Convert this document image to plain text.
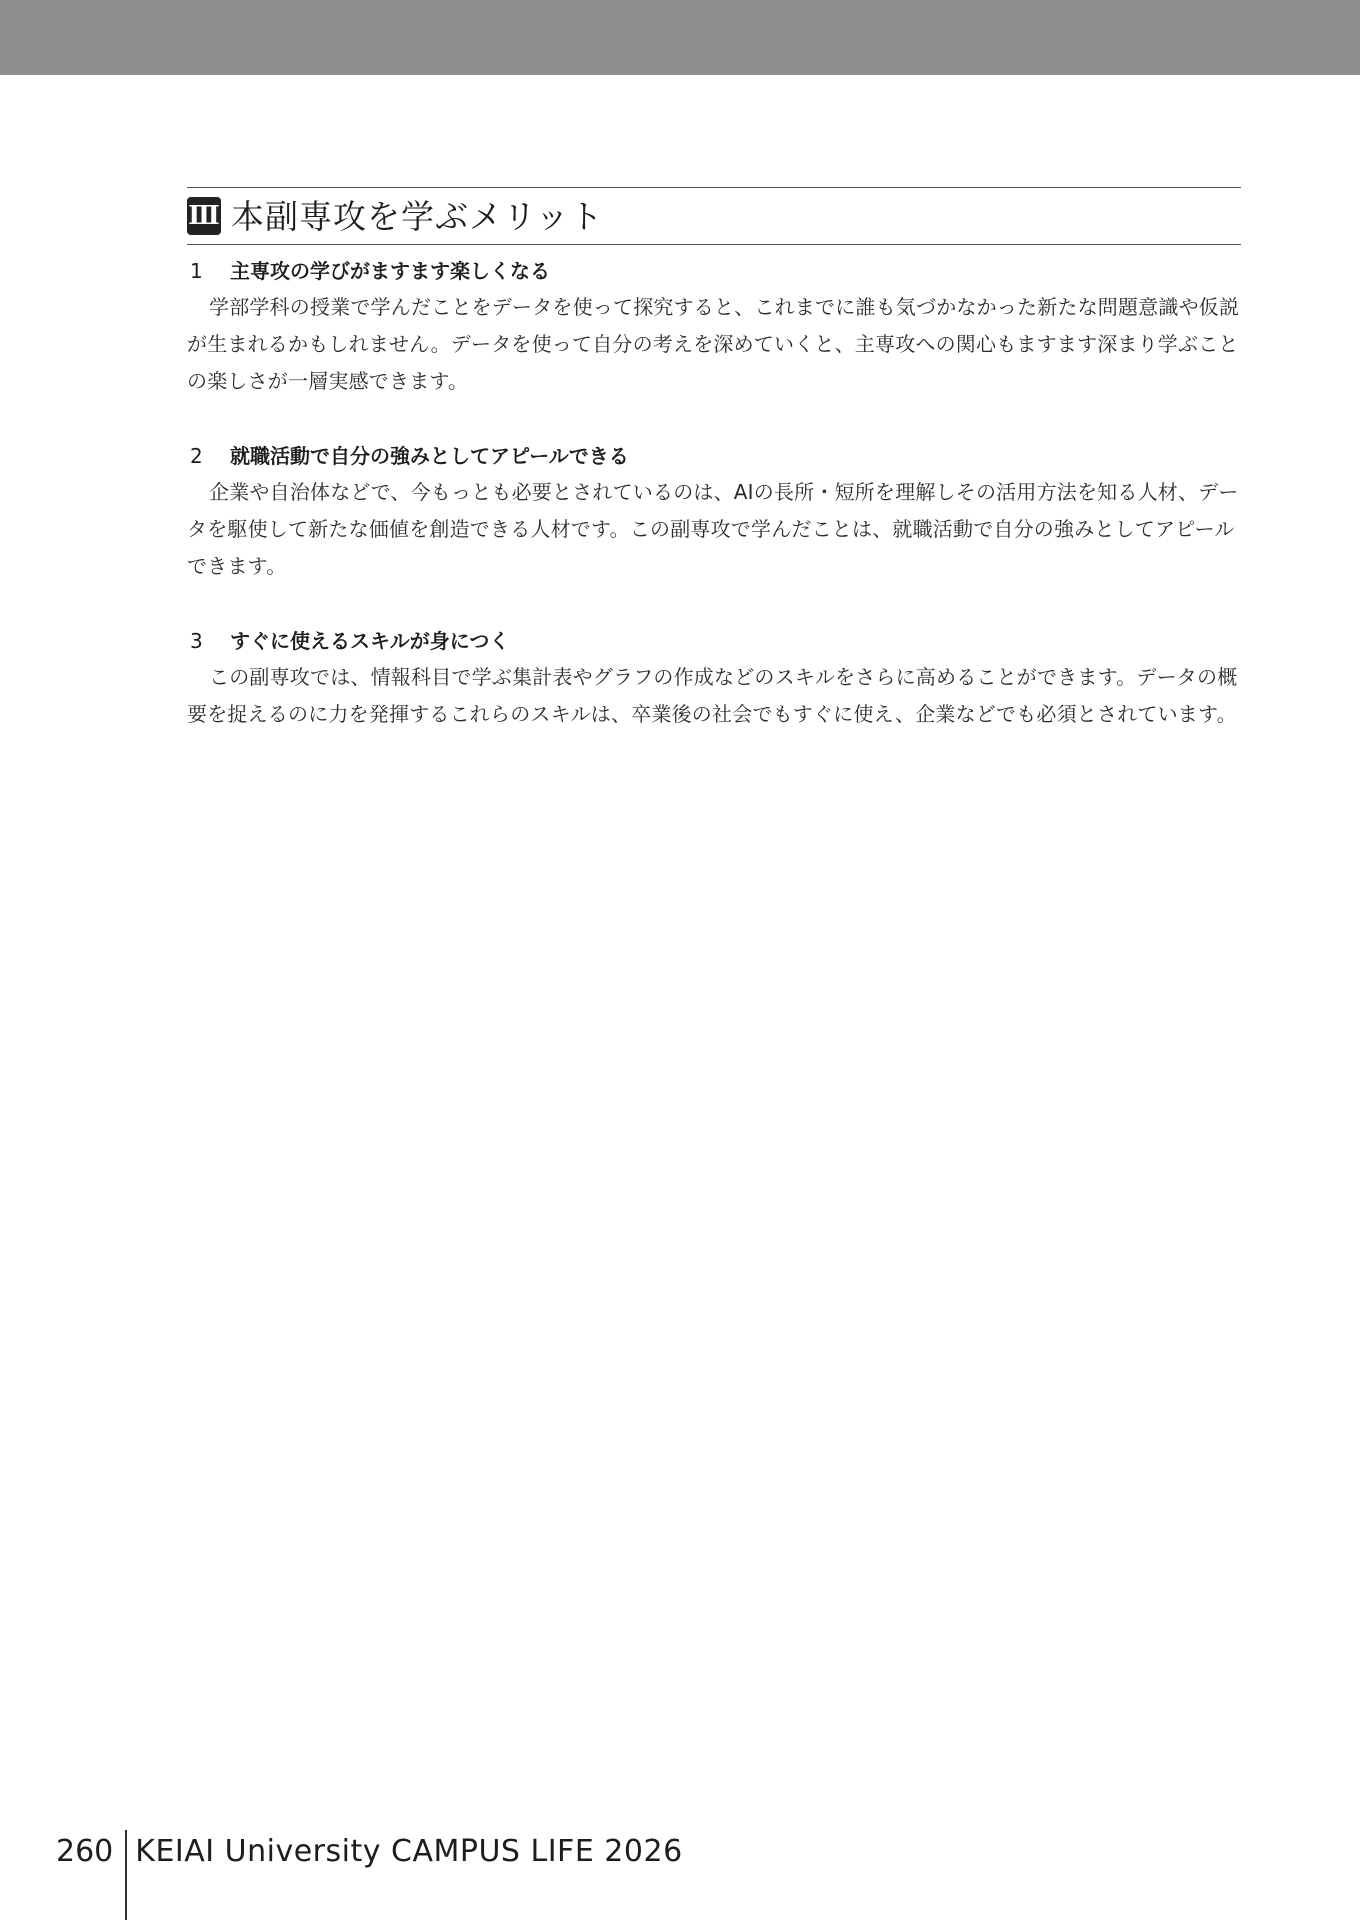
Ⅲ 本副専攻を学ぶメリット
1	主専攻の学びがますます楽しくなる

学部学科の授業で学んだことをデータを使って探究すると、これまでに誰も気づかなかった新たな問題意識や仮説が生まれるかもしれません。データを使って自分の考えを深めていくと、主専攻への関心もますます深まり学ぶことの楽しさが一層実感できます。

2	就職活動で自分の強みとしてアピールできる

企業や自治体などで、今もっとも必要とされているのは、AIの長所・短所を理解しその活用方法を知る人材、データを駆使して新たな価値を創造できる人材です。この副専攻で学んだことは、就職活動で自分の強みとしてアピールできます。

3	すぐに使えるスキルが身につく

この副専攻では、情報科目で学ぶ集計表やグラフの作成などのスキルをさらに高めることができます。データの概要を捉えるのに力を発揮するこれらのスキルは、卒業後の社会でもすぐに使え、企業などでも必須とされています。

260 KEIAI University CAMPUS LIFE 2026
